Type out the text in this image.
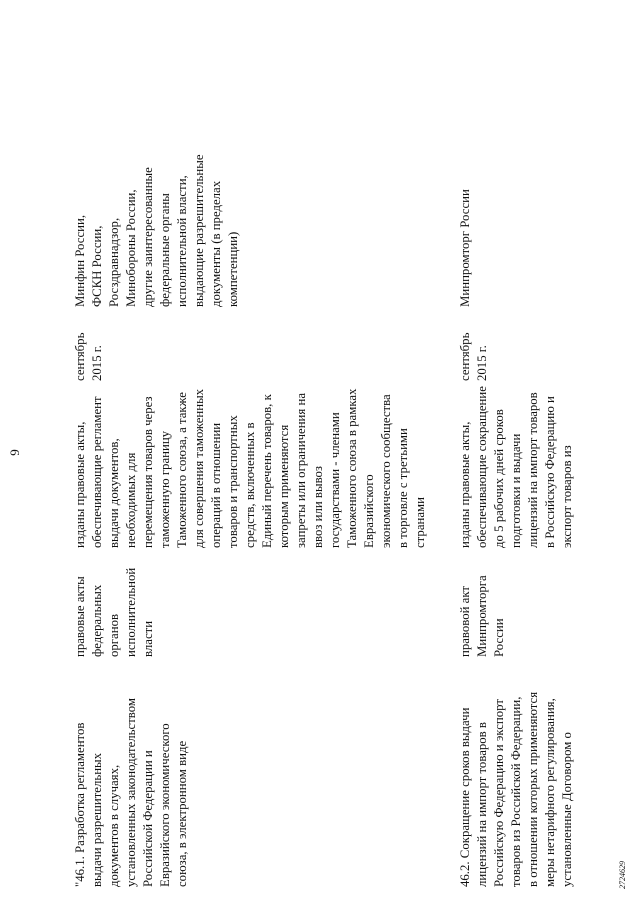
9
"46.1. Разработка регламентов
выдачи разрешительных
документов в случаях,
установленных законодательством
Российской Федерации и
Евразийского экономического
союза, в электронном виде
правовые акты
федеральных
органов
исполнительной
власти
изданы правовые акты,
обеспечивающие регламент
выдачи документов,
необходимых для
перемещения товаров через
таможенную границу
Таможенного союза, а также
для совершения таможенных
операций в отношении
товаров и транспортных
средств, включенных в
Единый перечень товаров, к
которым применяются
запреты или ограничения на
ввоз или вывоз
государствами - членами
Таможенного союза в рамках
Евразийского
экономического сообщества
в торговле с третьими
странами
сентябрь
2015 г.
Минфин России,
ФСКН России,
Росздравнадзор,
Минобороны России,
другие заинтересованные
федеральные органы
исполнительной власти,
выдающие разрешительные
документы (в пределах
компетенции)
46.2. Сокращение сроков выдачи
лицензий на импорт товаров в
Российскую Федерацию и экспорт
товаров из Российской Федерации,
в отношении которых применяются
меры нетарифного регулирования,
установленные Договором о
правовой акт
Минпромторга
России
изданы правовые акты,
обеспечивающие сокращение
до 5 рабочих дней сроков
подготовки и выдачи
лицензий на импорт товаров
в Российскую Федерацию и
экспорт товаров из
сентябрь
2015 г.
Минпромторг России
2724629
